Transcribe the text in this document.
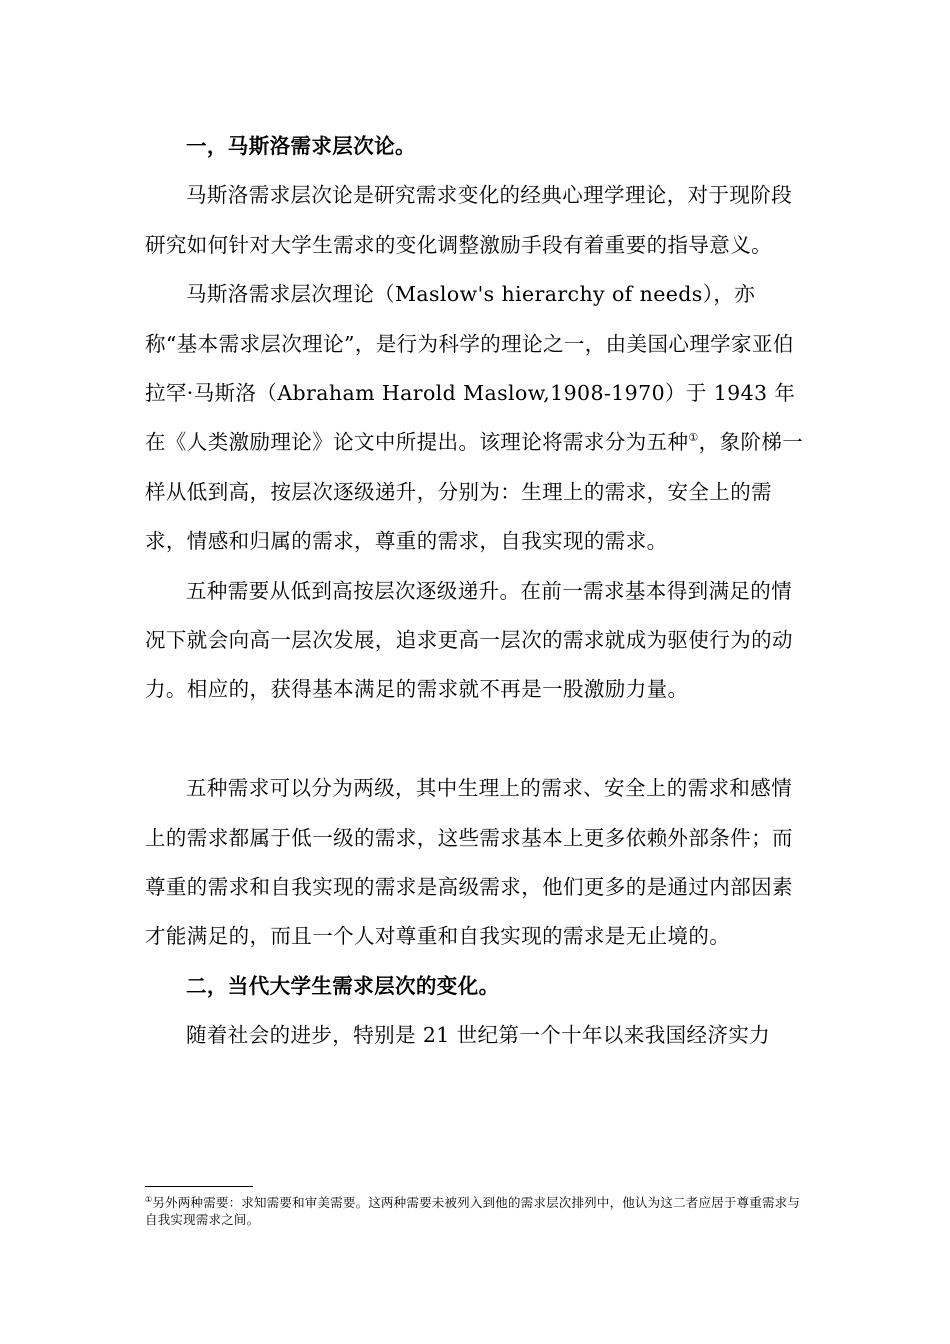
一，马斯洛需求层次论。

马斯洛需求层次论是研究需求变化的经典心理学理论，对于现阶段研究如何针对大学生需求的变化调整激励手段有着重要的指导意义。

马斯洛需求层次理论（Maslow's hierarchy of needs），亦称“基本需求层次理论”，是行为科学的理论之一，由美国心理学家亚伯拉罕·马斯洛（Abraham Harold Maslow,1908-1970）于 1943 年在《人类激励理论》论文中所提出。该理论将需求分为五种①，象阶梯一样从低到高，按层次逐级递升，分别为：生理上的需求，安全上的需求，情感和归属的需求，尊重的需求，自我实现的需求。

五种需要从低到高按层次逐级递升。在前一需求基本得到满足的情况下就会向高一层次发展，追求更高一层次的需求就成为驱使行为的动力。相应的，获得基本满足的需求就不再是一股激励力量。

五种需求可以分为两级，其中生理上的需求、安全上的需求和感情上的需求都属于低一级的需求，这些需求基本上更多依赖外部条件；而尊重的需求和自我实现的需求是高级需求，他们更多的是通过内部因素才能满足的，而且一个人对尊重和自我实现的需求是无止境的。

二，当代大学生需求层次的变化。

随着社会的进步，特别是 21 世纪第一个十年以来我国经济实力

①另外两种需要：求知需要和审美需要。这两种需要未被列入到他的需求层次排列中，他认为这二者应居于尊重需求与自我实现需求之间。
